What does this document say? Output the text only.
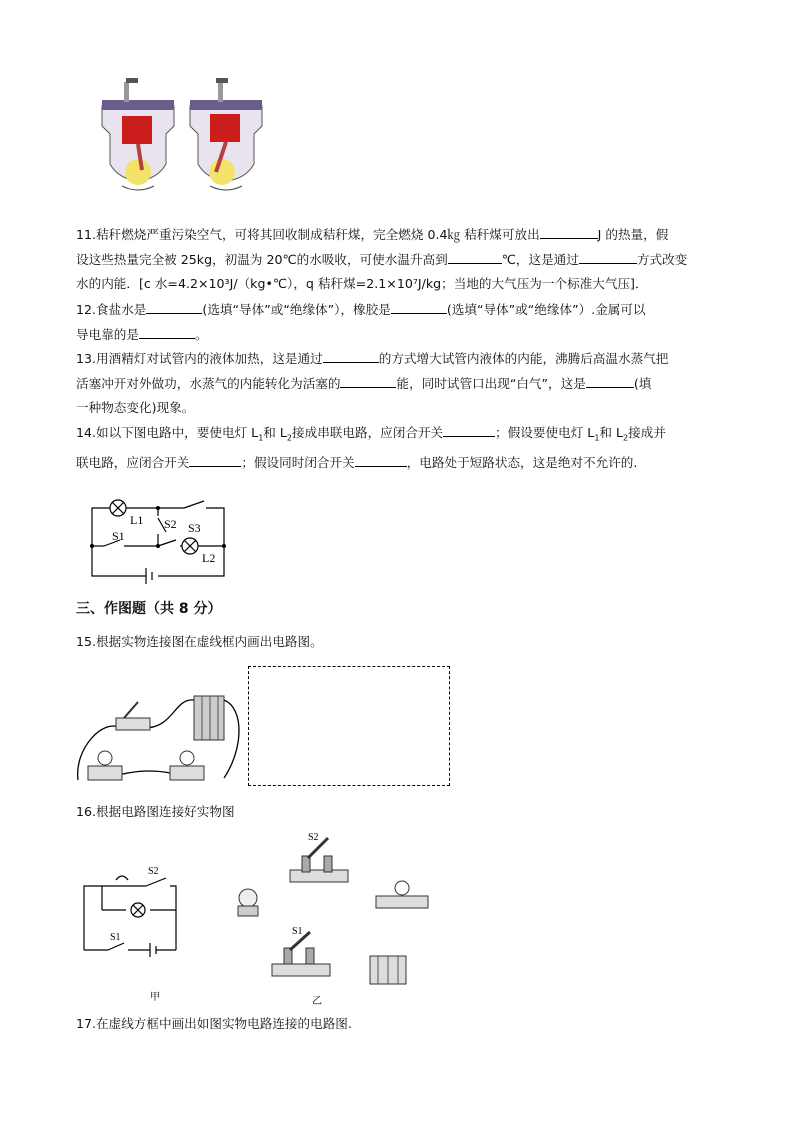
11.秸秆燃烧严重污染空气，可将其回收制成秸秆煤，完全燃烧 0.4㎏ 秸秆煤可放出	J 的热量，假
设这些热量完全被 25kg，初温为 20℃的水吸收，可使水温升高到	℃，这是通过	方式改变
水的内能．[c 水=4.2×10³J/（kg•℃），q 秸秆煤=2.1×10⁷J/kg；当地的大气压为一个标准大气压]．
12.食盐水是	(选填“导体”或“绝缘体”），橡胶是	(选填“导体”或“绝缘体”）.金属可以
导电靠的是	。
13.用酒精灯对试管内的液体加热，这是通过	的方式增大试管内液体的内能，沸腾后高温水蒸气把
活塞冲开对外做功，水蒸气的内能转化为活塞的	能，同时试管口出现“白气”，这是	(填
一种物态变化)现象。
14.如以下图电路中，要使电灯 $L_1$和 $L_2$接成串联电路，应闭合开关	；假设要使电灯 $L_1$和 $L_2$接成并
联电路，应闭合开关	；假设同时闭合开关	，电路处于短路状态，这是绝对不允许的.
L1
L2
S1
S2 S3
三、作图题（共 8 分）
15.根据实物连接图在虚线框内画出电路图。
16.根据电路图连接好实物图
S2
S1
甲
S2
S1
乙
17.在虚线方框中画出如图实物电路连接的电路图.
